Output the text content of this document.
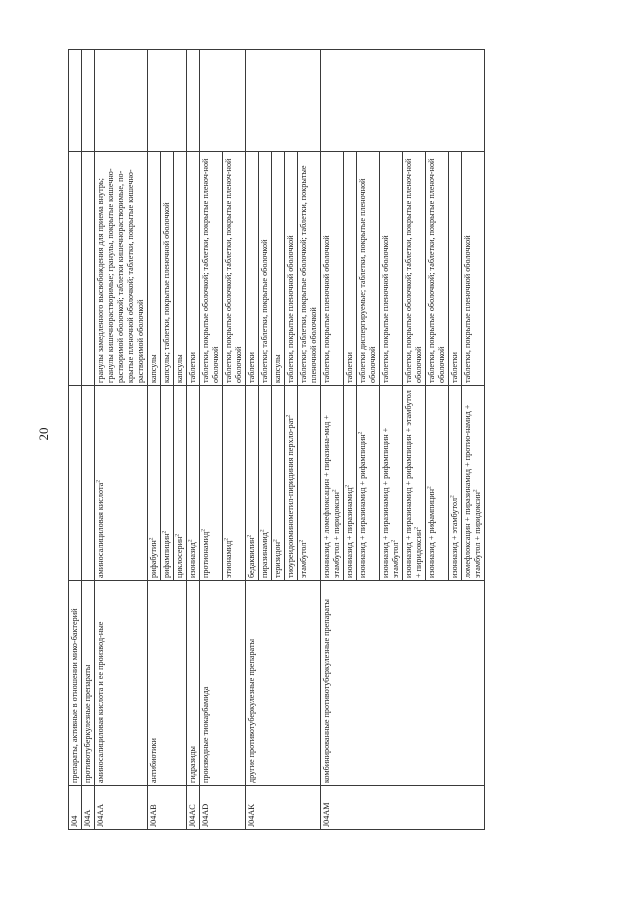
20
J04	препараты, активные в отношении мико-бактерий			
J04A	противотуберкулезные препараты			
J04AA	аминосалициловая кислота и ее производ-ные	аминосалициловая кислота$^2$	гранулы замедленного высвобождения для приема внутрь; гранулы кишечнорастворимые; гранулы, покрытые кишечно-растворимой оболочкой; таблетки кишечнорастворимые, по-крытые пленочной оболочкой; таблетки, покрытые кишечно-растворимой оболочкой	
J04AB	антибиотики	рифабутин$^2$	капсулы	
		рифампицин$^2$	капсулы; таблетки, покрытые пленочной оболочкой	
		циклосерин$^2$	капсулы	
J04AC	гидразиды	изониазид$^2$	таблетки	
J04AD	производные тиокарбамида	протионамид$^2$	таблетки, покрытые оболочкой; таблетки, покрытые пленоч-ной оболочкой	
		этионамид$^2$	таблетки, покрытые оболочкой; таблетки, покрытые пленоч-ной оболочкой	
J04AK	другие противотуберкулезные препараты	бедаквилин$^2$	таблетки	
		пиразинамид$^2$	таблетки; таблетки, покрытые оболочкой	
		теризидон$^2$	капсулы	
		тиоуреидоиминометил-пиридиния перхло-рат$^2$	таблетки, покрытые пленочной оболочкой	
		этамбутол$^2$	таблетки; таблетки, покрытые оболочкой; таблетки, покрытые пленочной оболочкой	
J04AM	комбинированные противотуберкулезные препараты	изониазид + ломефлоксацин + пиразина-мид + этамбутол + пиридоксин$^2$	таблетки, покрытые пленочной оболочкой	
		изониазид + пиразинамид$^2$	таблетки	
		изониазид + пиразинамид + рифампицин$^2$	таблетки диспергируемые; таблетки, покрытые пленочной оболочкой	
		изониазид + пиразинамид + рифампицин + этамбутол$^2$	таблетки, покрытые пленочной оболочкой	
		изониазид + пиразинамид + рифампицин + этамбутол + пиридоксин$^2$	таблетки, покрытые оболочкой; таблетки, покрытые пленоч-ной оболочкой	
		изониазид + рифампицин$^2$	таблетки, покрытые оболочкой; таблетки, покрытые пленоч-ной оболочкой	
		изониазид + этамбутол$^2$	таблетки	
		ломефлоксацин + пиразинамид + протио-намид + этамбутол + пиридоксин$^2$	таблетки, покрытые пленочной оболочкой	
